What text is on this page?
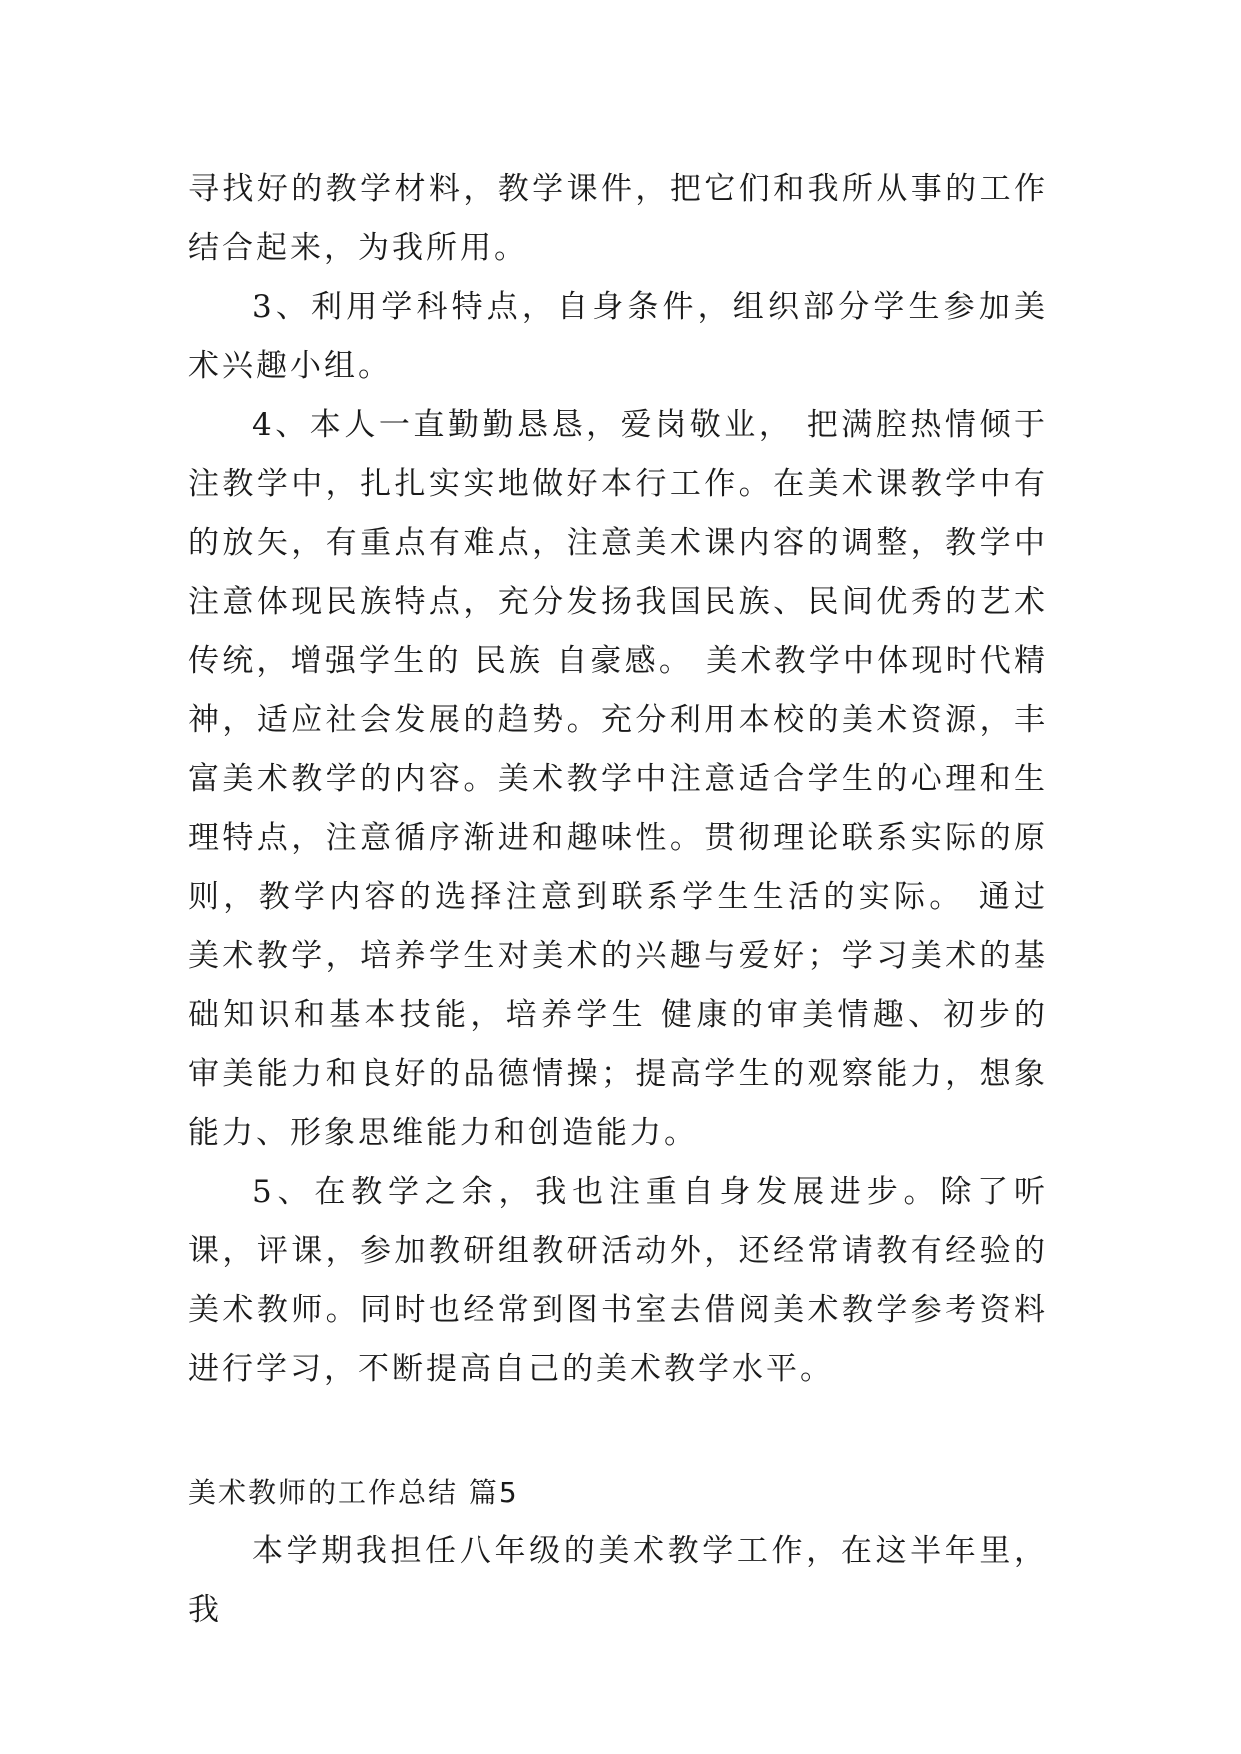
寻找好的教学材料，教学课件，把它们和我所从事的工作结合起来，为我所用。

3、利用学科特点，自身条件，组织部分学生参加美术兴趣小组。

4、本人一直勤勤恳恳，爱岗敬业， 把满腔热情倾于注教学中，扎扎实实地做好本行工作。在美术课教学中有的放矢，有重点有难点，注意美术课内容的调整，教学中注意体现民族特点，充分发扬我国民族、民间优秀的艺术传统，增强学生的 民族 自豪感。 美术教学中体现时代精神，适应社会发展的趋势。充分利用本校的美术资源，丰富美术教学的内容。美术教学中注意适合学生的心理和生理特点，注意循序渐进和趣味性。贯彻理论联系实际的原则，教学内容的选择注意到联系学生生活的实际。 通过美术教学，培养学生对美术的兴趣与爱好；学习美术的基础知识和基本技能，培养学生 健康的审美情趣、初步的审美能力和良好的品德情操；提高学生的观察能力，想象能力、形象思维能力和创造能力。

5、在教学之余，我也注重自身发展进步。除了听课，评课，参加教研组教研活动外，还经常请教有经验的美术教师。同时也经常到图书室去借阅美术教学参考资料进行学习，不断提高自己的美术教学水平。

美术教师的工作总结 篇5

本学期我担任八年级的美术教学工作，在这半年里，我
